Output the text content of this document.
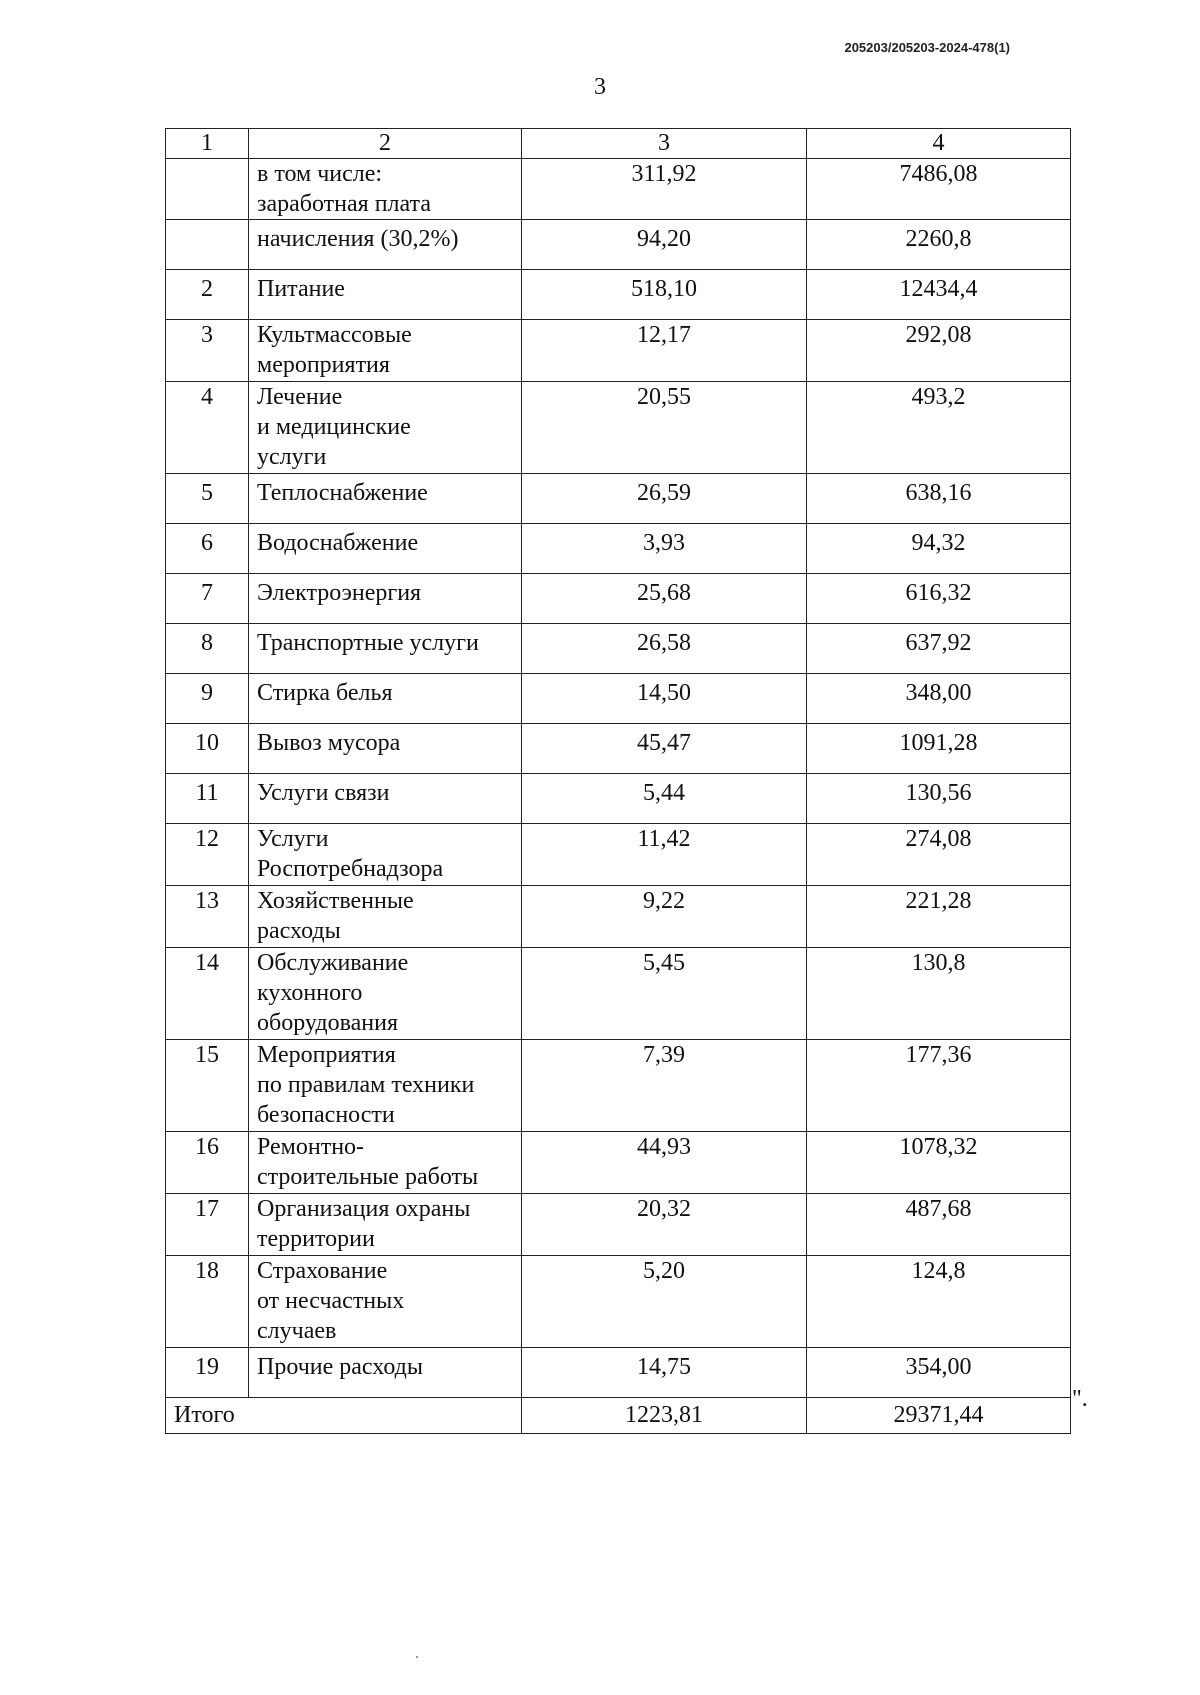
205203/205203-2024-478(1)
3
1	2	3	4
	в том числе:
заработная плата	311,92	7486,08
	начисления (30,2%)	94,20	2260,8
2	Питание	518,10	12434,4
3	Культмассовые
мероприятия	12,17	292,08
4	Лечение
и медицинские
услуги	20,55	493,2
5	Теплоснабжение	26,59	638,16
6	Водоснабжение	3,93	94,32
7	Электроэнергия	25,68	616,32
8	Транспортные услуги	26,58	637,92
9	Стирка белья	14,50	348,00
10	Вывоз мусора	45,47	1091,28
11	Услуги связи	5,44	130,56
12	Услуги
Роспотребнадзора	11,42	274,08
13	Хозяйственные
расходы	9,22	221,28
14	Обслуживание
кухонного
оборудования	5,45	130,8
15	Мероприятия
по правилам техники
безопасности	7,39	177,36
16	Ремонтно-
строительные работы	44,93	1078,32
17	Организация охраны
территории	20,32	487,68
18	Страхование
от несчастных
случаев	5,20	124,8
19	Прочие расходы	14,75	354,00
Итого		1223,81	29371,44
".
